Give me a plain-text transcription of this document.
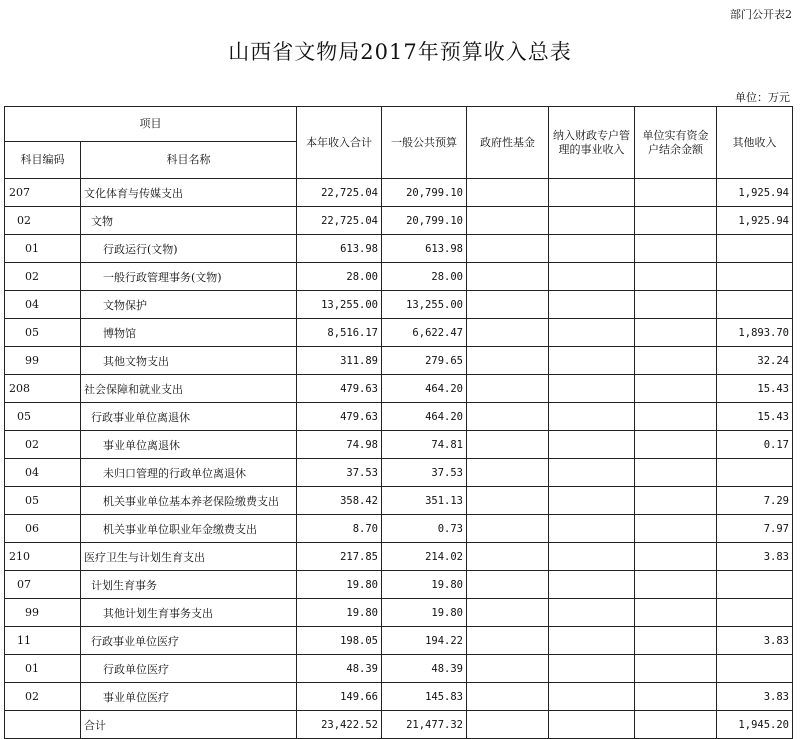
部门公开表2
山西省文物局2017年预算收入总表
单位：万元
项目		本年收入合计	一般公共预算	政府性基金	纳入财政专户管理的事业收入	单位实有资金户结余金额	其他收入
科目编码	科目名称						
207	文化体育与传媒支出	22,725.04	20,799.10				1,925.94
02	文物	22,725.04	20,799.10				1,925.94
01	行政运行(文物)	613.98	613.98				
02	一般行政管理事务(文物)	28.00	28.00				
04	文物保护	13,255.00	13,255.00				
05	博物馆	8,516.17	6,622.47				1,893.70
99	其他文物支出	311.89	279.65				32.24
208	社会保障和就业支出	479.63	464.20				15.43
05	行政事业单位离退休	479.63	464.20				15.43
02	事业单位离退休	74.98	74.81				0.17
04	未归口管理的行政单位离退休	37.53	37.53				
05	机关事业单位基本养老保险缴费支出	358.42	351.13				7.29
06	机关事业单位职业年金缴费支出	8.70	0.73				7.97
210	医疗卫生与计划生育支出	217.85	214.02				3.83
07	计划生育事务	19.80	19.80				
99	其他计划生育事务支出	19.80	19.80				
11	行政事业单位医疗	198.05	194.22				3.83
01	行政单位医疗	48.39	48.39				
02	事业单位医疗	149.66	145.83				3.83
	合计	23,422.52	21,477.32				1,945.20
